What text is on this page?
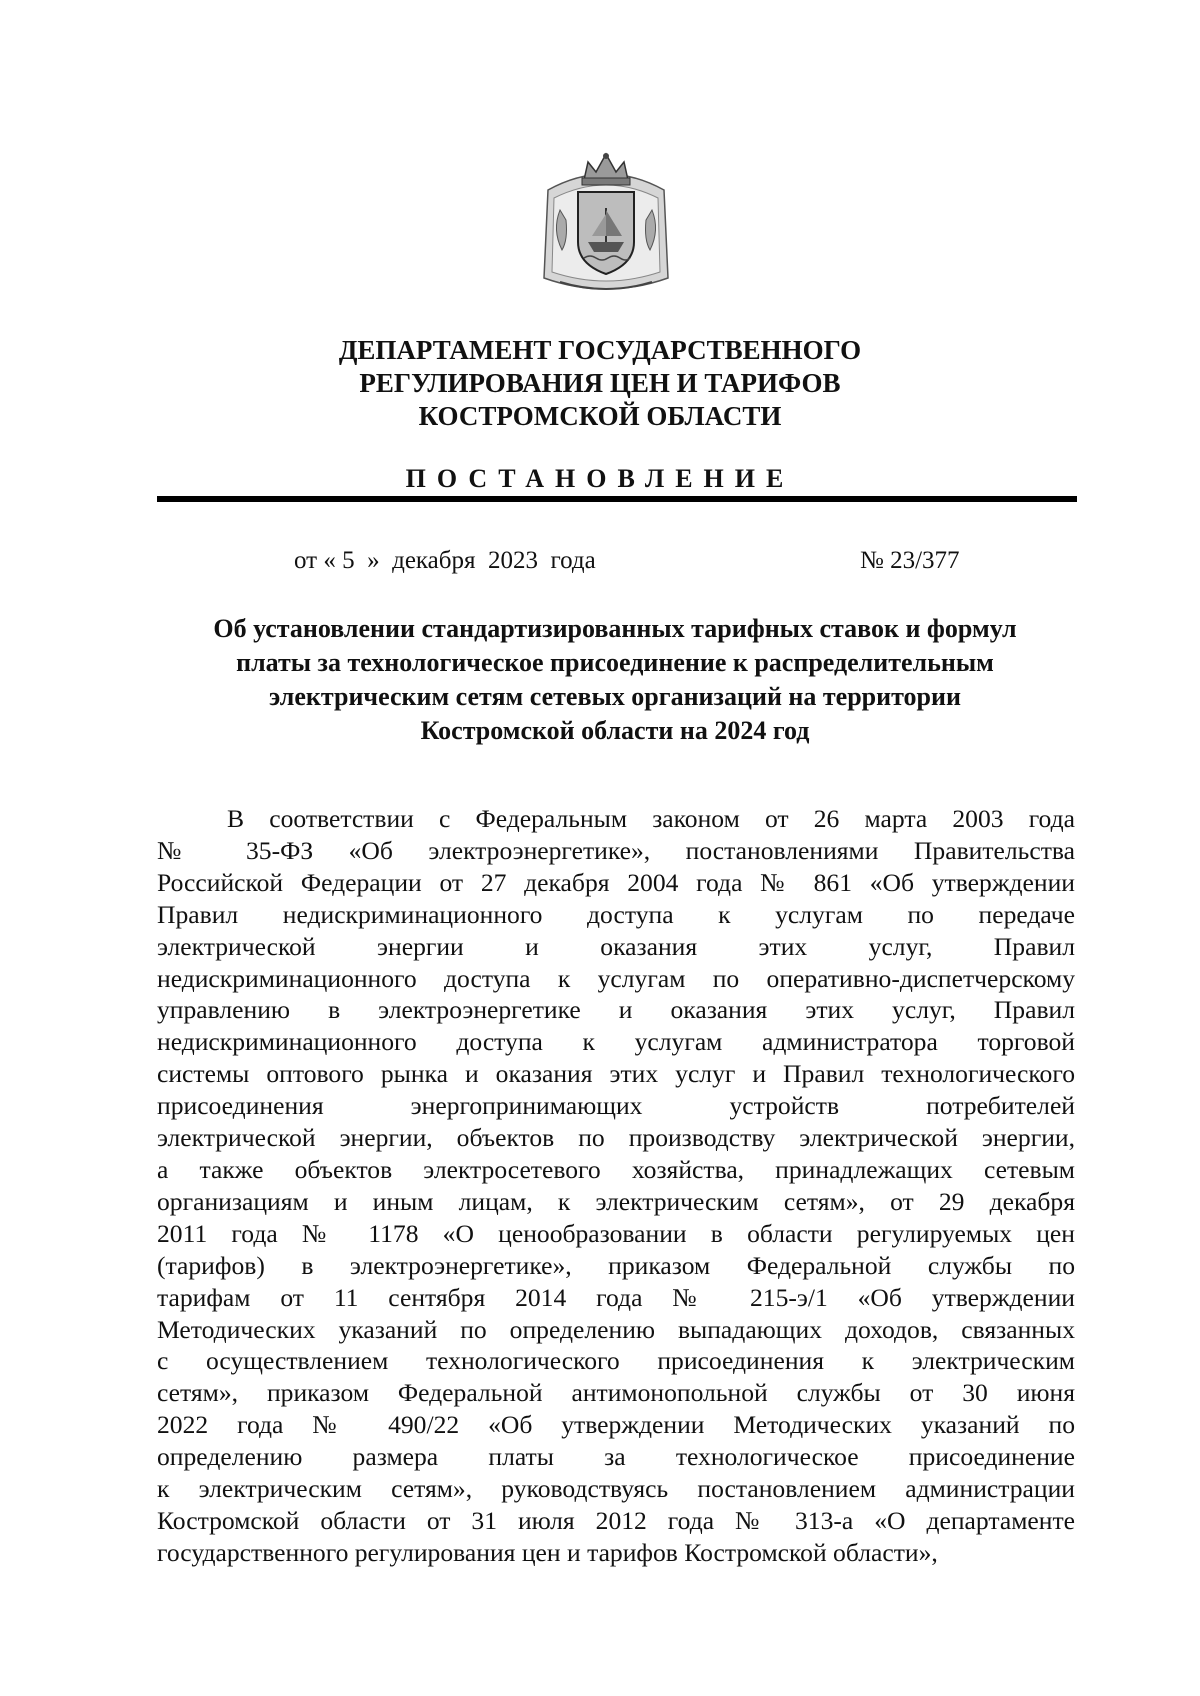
ДЕПАРТАМЕНТ ГОСУДАРСТВЕННОГО
РЕГУЛИРОВАНИЯ ЦЕН И ТАРИФОВ
КОСТРОМСКОЙ ОБЛАСТИ
ПОСТАНОВЛЕНИЕ
от « 5  »  декабря  2023  года	№ 23/377
Об установлении стандартизированных тарифных ставок и формул
платы за технологическое присоединение к распределительным
электрическим сетям сетевых организаций на территории
Костромской области на 2024 год
В соответствии с Федеральным законом от 26 марта 2003 года
№ 35-ФЗ «Об электроэнергетике», постановлениями Правительства
Российской Федерации от 27 декабря 2004 года № 861 «Об утверждении
Правил недискриминационного доступа к услугам по передаче
электрической энергии и оказания этих услуг, Правил
недискриминационного доступа к услугам по оперативно-диспетчерскому
управлению в электроэнергетике и оказания этих услуг, Правил
недискриминационного доступа к услугам администратора торговой
системы оптового рынка и оказания этих услуг и Правил технологического
присоединения энергопринимающих устройств потребителей
электрической энергии, объектов по производству электрической энергии,
а также объектов электросетевого хозяйства, принадлежащих сетевым
организациям и иным лицам, к электрическим сетям», от 29 декабря
2011 года № 1178 «О ценообразовании в области регулируемых цен
(тарифов) в электроэнергетике», приказом Федеральной службы по
тарифам от 11 сентября 2014 года № 215-э/1 «Об утверждении
Методических указаний по определению выпадающих доходов, связанных
с осуществлением технологического присоединения к электрическим
сетям», приказом Федеральной антимонопольной службы от 30 июня
2022 года № 490/22 «Об утверждении Методических указаний по
определению размера платы за технологическое присоединение
к электрическим сетям», руководствуясь постановлением администрации
Костромской области от 31 июля 2012 года № 313-а «О департаменте
государственного регулирования цен и тарифов Костромской области»,
